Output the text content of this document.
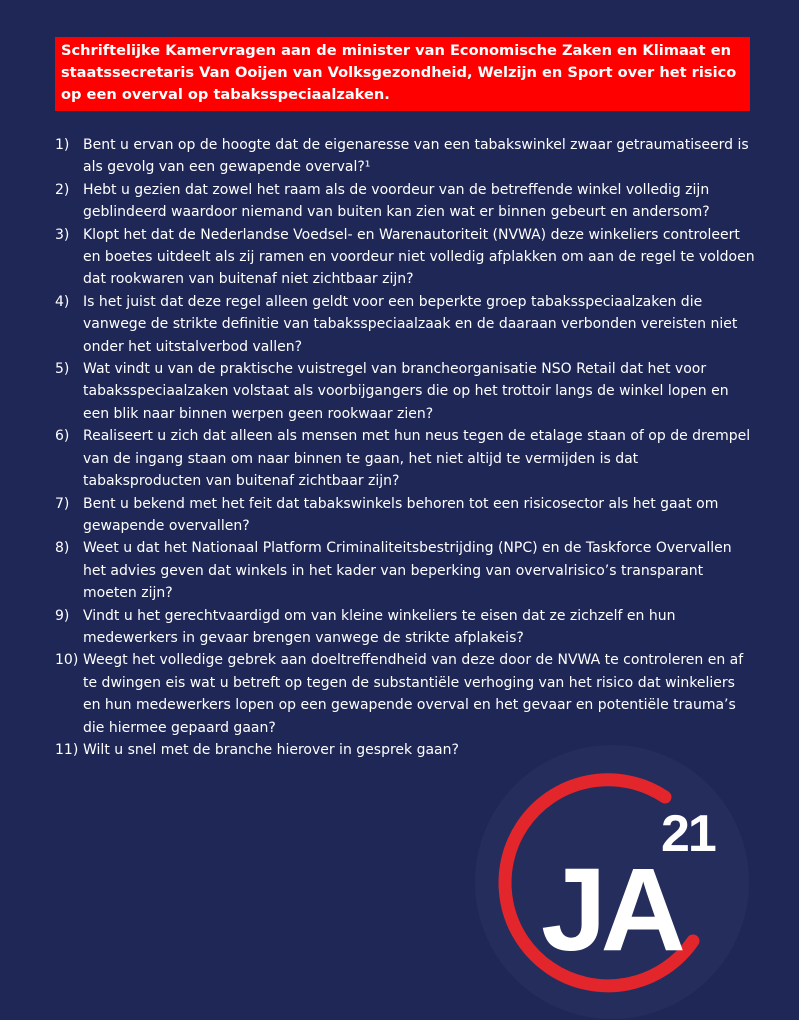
Schriftelijke Kamervragen aan de minister van Economische Zaken en Klimaat en staatssecretaris Van Ooijen van Volksgezondheid, Welzijn en Sport over het risico op een overval op tabaksspeciaalzaken.

1) Bent u ervan op de hoogte dat de eigenaresse van een tabakswinkel zwaar getraumatiseerd is als gevolg van een gewapende overval?¹
2) Hebt u gezien dat zowel het raam als de voordeur van de betreffende winkel volledig zijn geblindeerd waardoor niemand van buiten kan zien wat er binnen gebeurt en andersom?
3) Klopt het dat de Nederlandse Voedsel- en Warenautoriteit (NVWA) deze winkeliers controleert en boetes uitdeelt als zij ramen en voordeur niet volledig afplakken om aan de regel te voldoen dat rookwaren van buitenaf niet zichtbaar zijn?
4) Is het juist dat deze regel alleen geldt voor een beperkte groep tabaksspeciaalzaken die vanwege de strikte definitie van tabaksspeciaalzaak en de daaraan verbonden vereisten niet onder het uitstalverbod vallen?
5) Wat vindt u van de praktische vuistregel van brancheorganisatie NSO Retail dat het voor tabaksspeciaalzaken volstaat als voorbijgangers die op het trottoir langs de winkel lopen en een blik naar binnen werpen geen rookwaar zien?
6) Realiseert u zich dat alleen als mensen met hun neus tegen de etalage staan of op de drempel van de ingang staan om naar binnen te gaan, het niet altijd te vermijden is dat tabaksproducten van buitenaf zichtbaar zijn?
7) Bent u bekend met het feit dat tabakswinkels behoren tot een risicosector als het gaat om gewapende overvallen?
8) Weet u dat het Nationaal Platform Criminaliteitsbestrijding (NPC) en de Taskforce Overvallen het advies geven dat winkels in het kader van beperking van overvalrisico’s transparant moeten zijn?
9) Vindt u het gerechtvaardigd om van kleine winkeliers te eisen dat ze zichzelf en hun medewerkers in gevaar brengen vanwege de strikte afplakeis?
10) Weegt het volledige gebrek aan doeltreffendheid van deze door de NVWA te controleren en af te dwingen eis wat u betreft op tegen de substantiële verhoging van het risico dat winkeliers en hun medewerkers lopen op een gewapende overval en het gevaar en potentiële trauma’s die hiermee gepaard gaan?
11) Wilt u snel met de branche hierover in gesprek gaan?
JA
21
